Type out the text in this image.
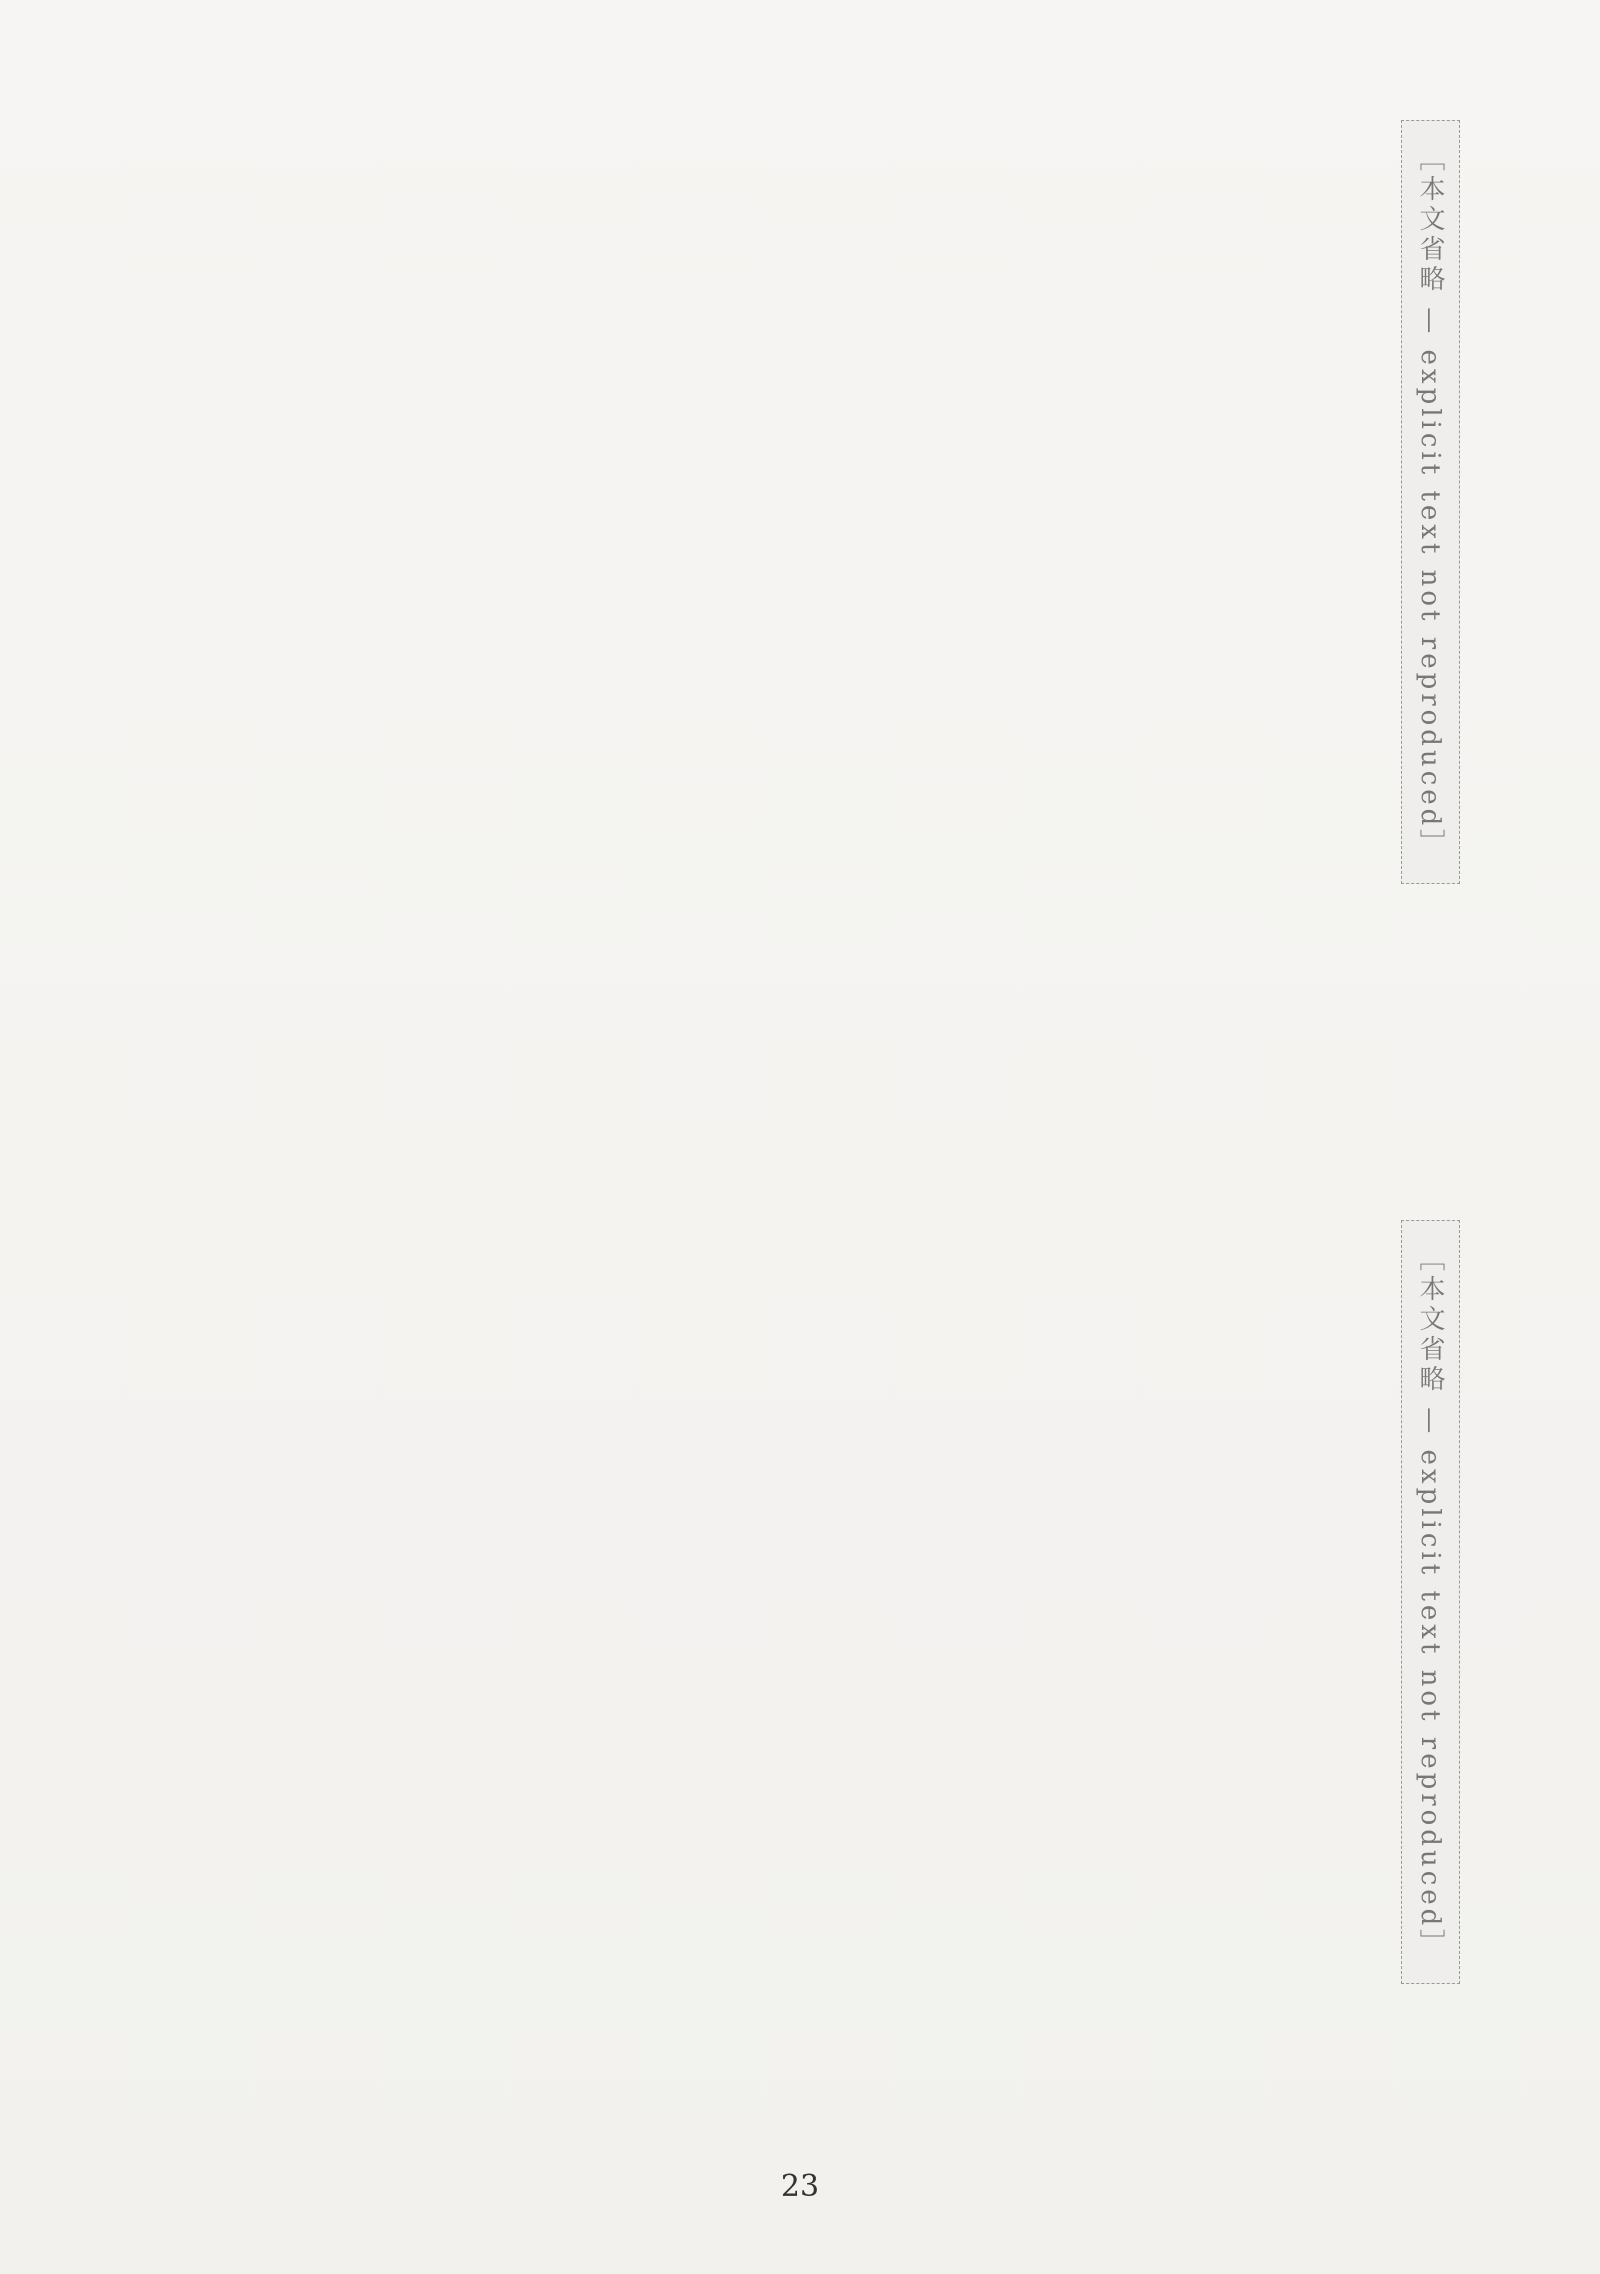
［本文省略 — explicit text not reproduced］
［本文省略 — explicit text not reproduced］
23
